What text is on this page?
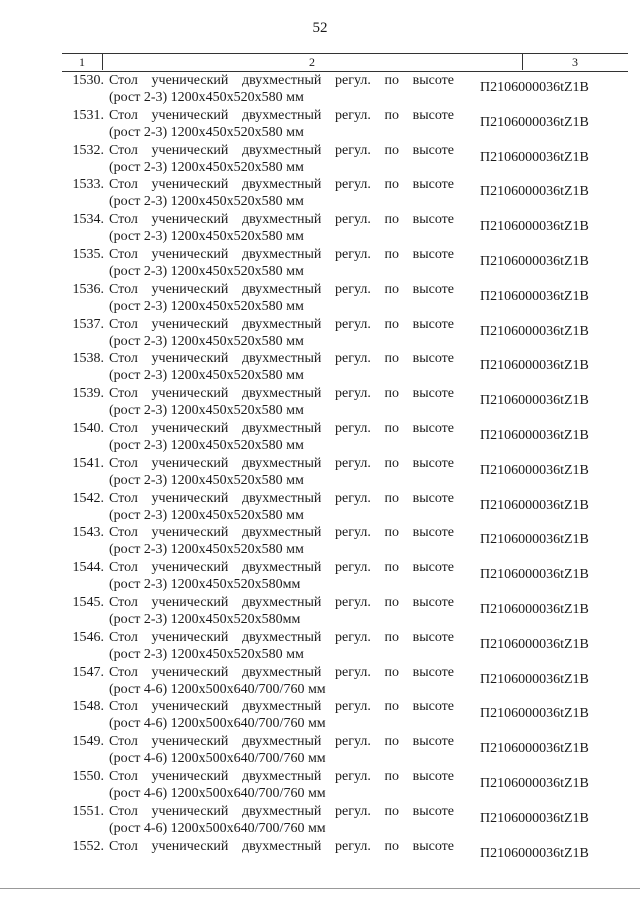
52
1	2	3
1530. Стол ученический двухместный регул. по высоте
(рост 2-3) 1200х450х520х580 мм
П2106000036tZ1B
1531. Стол ученический двухместный регул. по высоте
(рост 2-3) 1200х450х520х580 мм
П2106000036tZ1B
1532. Стол ученический двухместный регул. по высоте
(рост 2-3) 1200х450х520х580 мм
П2106000036tZ1B
1533. Стол ученический двухместный регул. по высоте
(рост 2-3) 1200х450х520х580 мм
П2106000036tZ1B
1534. Стол ученический двухместный регул. по высоте
(рост 2-3) 1200х450х520х580 мм
П2106000036tZ1B
1535. Стол ученический двухместный регул. по высоте
(рост 2-3) 1200х450х520х580 мм
П2106000036tZ1B
1536. Стол ученический двухместный регул. по высоте
(рост 2-3) 1200х450х520х580 мм
П2106000036tZ1B
1537. Стол ученический двухместный регул. по высоте
(рост 2-3) 1200х450х520х580 мм
П2106000036tZ1B
1538. Стол ученический двухместный регул. по высоте
(рост 2-3) 1200х450х520х580 мм
П2106000036tZ1B
1539. Стол ученический двухместный регул. по высоте
(рост 2-3) 1200х450х520х580 мм
П2106000036tZ1B
1540. Стол ученический двухместный регул. по высоте
(рост 2-3) 1200х450х520х580 мм
П2106000036tZ1B
1541. Стол ученический двухместный регул. по высоте
(рост 2-3) 1200х450х520х580 мм
П2106000036tZ1B
1542. Стол ученический двухместный регул. по высоте
(рост 2-3) 1200х450х520х580 мм
П2106000036tZ1B
1543. Стол ученический двухместный регул. по высоте
(рост 2-3) 1200х450х520х580 мм
П2106000036tZ1B
1544. Стол ученический двухместный регул. по высоте
(рост 2-3) 1200х450х520х580мм
П2106000036tZ1B
1545. Стол ученический двухместный регул. по высоте
(рост 2-3) 1200х450х520х580мм
П2106000036tZ1B
1546. Стол ученический двухместный регул. по высоте
(рост 2-3) 1200х450х520х580 мм
П2106000036tZ1B
1547. Стол ученический двухместный регул. по высоте
(рост 4-6) 1200х500х640/700/760 мм
П2106000036tZ1B
1548. Стол ученический двухместный регул. по высоте
(рост 4-6) 1200х500х640/700/760 мм
П2106000036tZ1B
1549. Стол ученический двухместный регул. по высоте
(рост 4-6) 1200х500х640/700/760 мм
П2106000036tZ1B
1550. Стол ученический двухместный регул. по высоте
(рост 4-6) 1200х500х640/700/760 мм
П2106000036tZ1B
1551. Стол ученический двухместный регул. по высоте
(рост 4-6) 1200х500х640/700/760 мм
П2106000036tZ1B
1552. Стол ученический двухместный регул. по высоте П2106000036tZ1B
